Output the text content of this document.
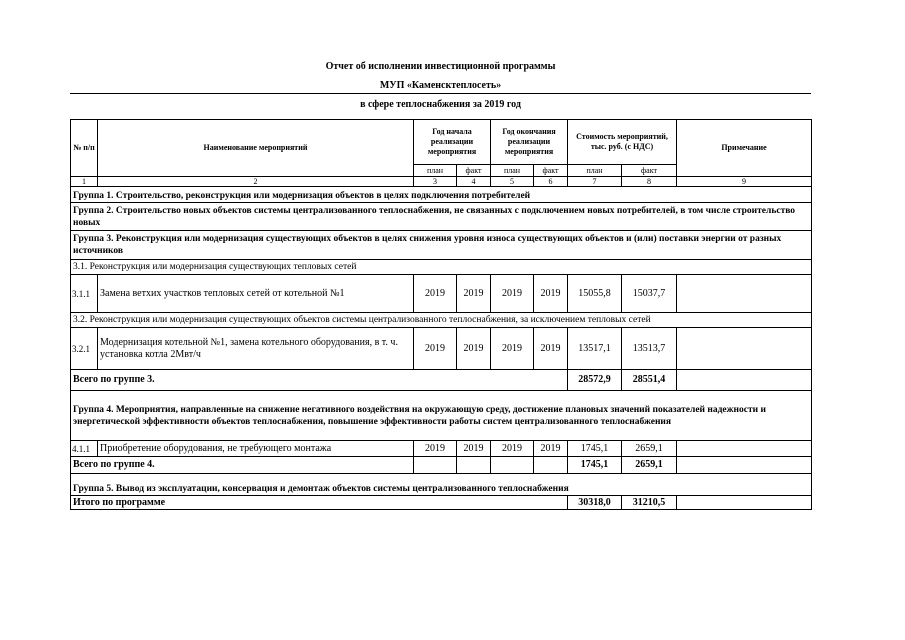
Отчет об исполнении инвестиционной программы
МУП «Каменсктеплосеть»
в сфере теплоснабжения за 2019 год
№ п/п	Наименование мероприятий	Год начала реализации мероприятия		Год окончания реализации мероприятия		Стоимость мероприятий, тыс. руб. (с НДС)		Примечание
		план	факт	план	факт	план	факт	
1	2	3	4	5	6	7	8	9
Группа 1. Строительство, реконструкция или модернизация объектов в целях подключения потребителей								
Группа 2. Строительство новых объектов системы централизованного теплоснабжения, не связанных с подключением новых потребителей, в том числе строительство новых								
Группа 3. Реконструкция или модернизация существующих объектов в целях снижения уровня износа существующих объектов и (или) поставки энергии от разных источников								
3.1. Реконструкция или модернизация существующих тепловых сетей								
3.1.1	Замена ветхих участков тепловых сетей от котельной №1	2019	2019	2019	2019	15055,8	15037,7	
3.2. Реконструкция или модернизация существующих объектов системы централизованного теплоснабжения, за исключением тепловых сетей								
3.2.1	Модернизация котельной №1, замена котельного оборудования, в т. ч. установка котла 2Мвт/ч	2019	2019	2019	2019	13517,1	13513,7	
Всего по группе 3.						28572,9	28551,4	
Группа 4. Мероприятия, направленные на снижение негативного воздействия на окружающую среду, достижение плановых значений показателей надежности и энергетической эффективности объектов теплоснабжения, повышение эффективности работы систем централизованного теплоснабжения								
4.1.1	Приобретение оборудования, не требующего монтажа	2019	2019	2019	2019	1745,1	2659,1	
Всего по группе 4.						1745,1	2659,1	
Группа 5. Вывод из эксплуатации, консервация и демонтаж объектов системы централизованного теплоснабжения								
Итого по программе						30318,0	31210,5	
